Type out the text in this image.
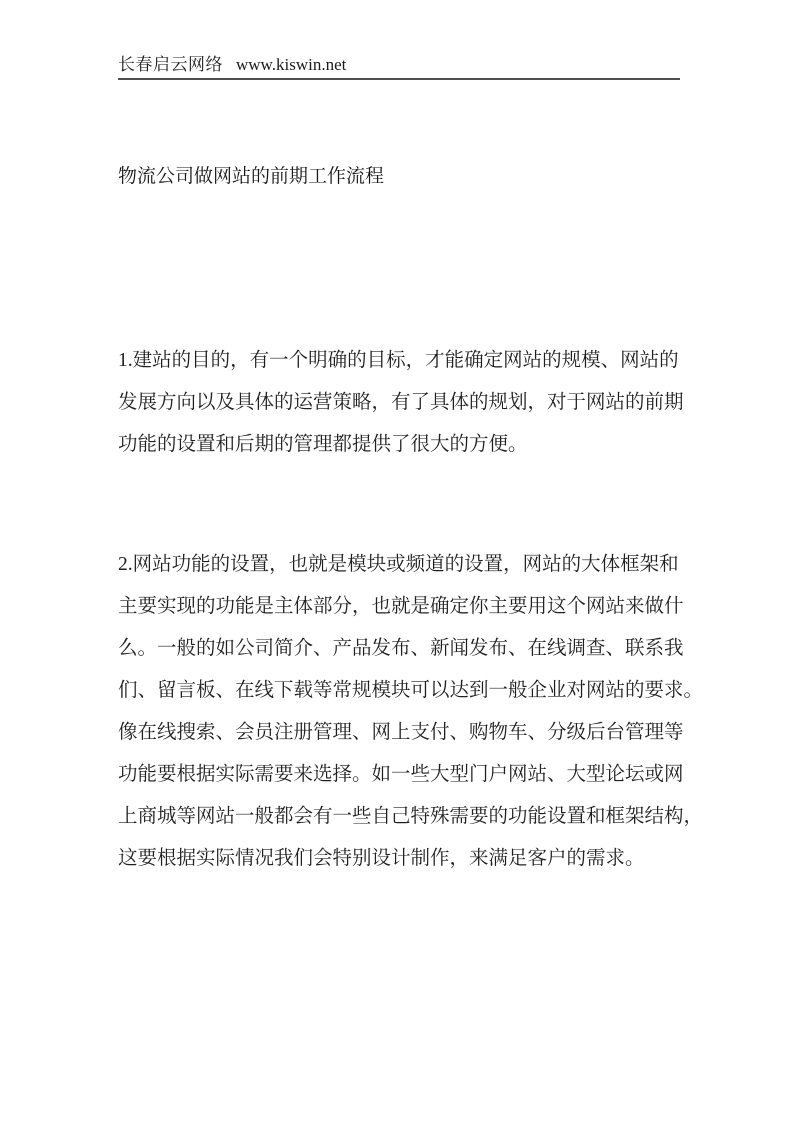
长春启云网络 www.kiswin.net
物流公司做网站的前期工作流程
1.建站的目的，有一个明确的目标，才能确定网站的规模、网站的
发展方向以及具体的运营策略，有了具体的规划，对于网站的前期
功能的设置和后期的管理都提供了很大的方便。
2.网站功能的设置，也就是模块或频道的设置，网站的大体框架和
主要实现的功能是主体部分，也就是确定你主要用这个网站来做什
么。一般的如公司简介、产品发布、新闻发布、在线调查、联系我
们、留言板、在线下载等常规模块可以达到一般企业对网站的要求。
像在线搜索、会员注册管理、网上支付、购物车、分级后台管理等
功能要根据实际需要来选择。如一些大型门户网站、大型论坛或网
上商城等网站一般都会有一些自己特殊需要的功能设置和框架结构，
这要根据实际情况我们会特别设计制作，来满足客户的需求。
